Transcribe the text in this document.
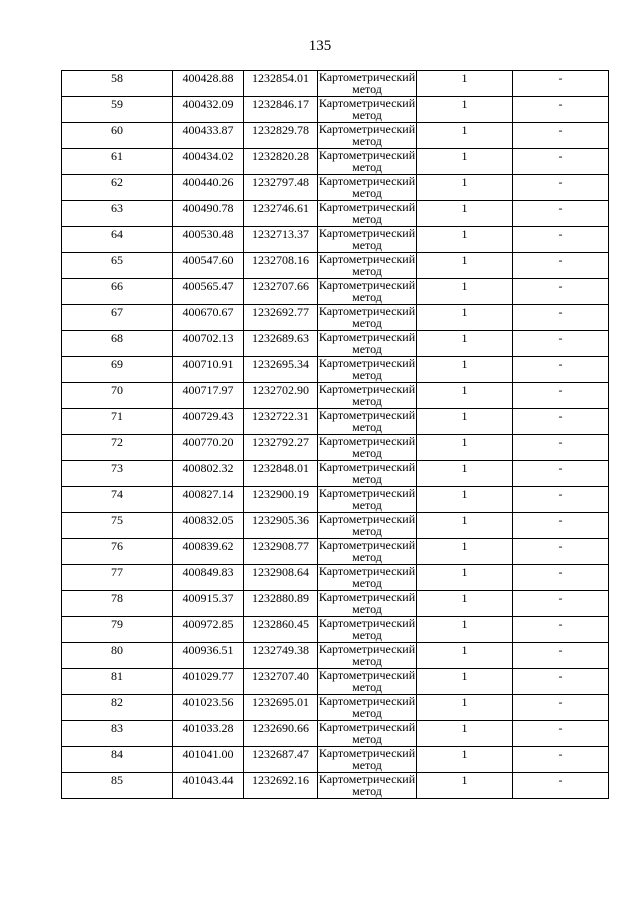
135
58	400428.88	1232854.01	Картометрический метод	1	-
59	400432.09	1232846.17	Картометрический метод	1	-
60	400433.87	1232829.78	Картометрический метод	1	-
61	400434.02	1232820.28	Картометрический метод	1	-
62	400440.26	1232797.48	Картометрический метод	1	-
63	400490.78	1232746.61	Картометрический метод	1	-
64	400530.48	1232713.37	Картометрический метод	1	-
65	400547.60	1232708.16	Картометрический метод	1	-
66	400565.47	1232707.66	Картометрический метод	1	-
67	400670.67	1232692.77	Картометрический метод	1	-
68	400702.13	1232689.63	Картометрический метод	1	-
69	400710.91	1232695.34	Картометрический метод	1	-
70	400717.97	1232702.90	Картометрический метод	1	-
71	400729.43	1232722.31	Картометрический метод	1	-
72	400770.20	1232792.27	Картометрический метод	1	-
73	400802.32	1232848.01	Картометрический метод	1	-
74	400827.14	1232900.19	Картометрический метод	1	-
75	400832.05	1232905.36	Картометрический метод	1	-
76	400839.62	1232908.77	Картометрический метод	1	-
77	400849.83	1232908.64	Картометрический метод	1	-
78	400915.37	1232880.89	Картометрический метод	1	-
79	400972.85	1232860.45	Картометрический метод	1	-
80	400936.51	1232749.38	Картометрический метод	1	-
81	401029.77	1232707.40	Картометрический метод	1	-
82	401023.56	1232695.01	Картометрический метод	1	-
83	401033.28	1232690.66	Картометрический метод	1	-
84	401041.00	1232687.47	Картометрический метод	1	-
85	401043.44	1232692.16	Картометрический метод	1	-
